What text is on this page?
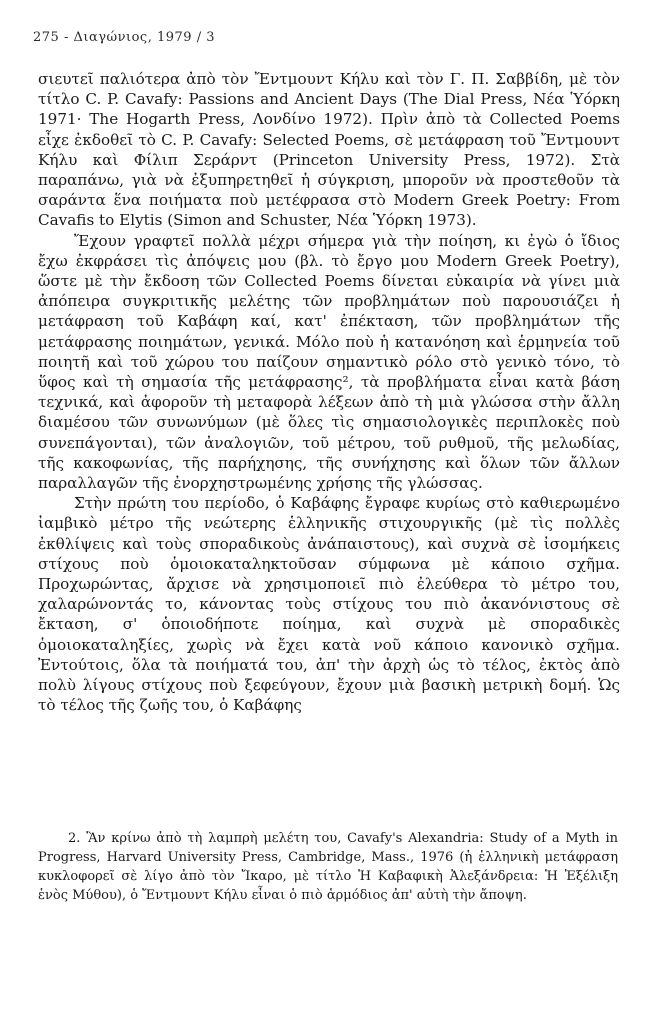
275 - Διαγώνιος, 1979 / 3

σιευτεῖ παλιότερα ἀπὸ τὸν Ἔντμουντ Κήλυ καὶ τὸν Γ. Π. Σαββίδη, μὲ τὸν τίτλο C. P. Cavafy: Passions and Ancient Days (The Dial Press, Νέα Ὑόρκη 1971· The Hogarth Press, Λονδίνο 1972). Πρὶν ἀπὸ τὰ Collected Poems εἶχε ἐκδοθεῖ τὸ C. P. Cavafy: Selected Poems, σὲ μετάφραση τοῦ Ἔντμουντ Κήλυ καὶ Φίλιπ Σεράρντ (Princeton University Press, 1972). Στὰ παραπάνω, γιὰ νὰ ἐξυπηρετηθεῖ ἡ σύγκριση, μποροῦν νὰ προστεθοῦν τὰ σαράντα ἕνα ποιήματα ποὺ μετέφρασα στὸ Modern Greek Poetry: From Cavafis to Elytis (Simon and Schuster, Νέα Ὑόρκη 1973).

Ἔχουν γραφτεῖ πολλὰ μέχρι σήμερα γιὰ τὴν ποίηση, κι ἐγὼ ὁ ἴδιος ἔχω ἐκφράσει τὶς ἀπόψεις μου (βλ. τὸ ἔργο μου Modern Greek Poetry), ὥστε μὲ τὴν ἔκδοση τῶν Collected Poems δίνεται εὐκαιρία νὰ γίνει μιὰ ἀπόπειρα συγκριτικῆς μελέτης τῶν προβλημάτων ποὺ παρουσιάζει ἡ μετάφραση τοῦ Καβάφη καί, κατ' ἐπέκταση, τῶν προβλημάτων τῆς μετάφρασης ποιημάτων, γενικά. Μόλο ποὺ ἡ κατανόηση καὶ ἑρμηνεία τοῦ ποιητῆ καὶ τοῦ χώρου του παίζουν σημαντικὸ ρόλο στὸ γενικὸ τόνο, τὸ ὕφος καὶ τὴ σημασία τῆς μετάφρασης², τὰ προβλήματα εἶναι κατὰ βάση τεχνικά, καὶ ἀφοροῦν τὴ μεταφορὰ λέξεων ἀπὸ τὴ μιὰ γλώσσα στὴν ἄλλη διαμέσου τῶν συνωνύμων (μὲ ὅλες τὶς σημασιολογικὲς περιπλοκὲς ποὺ συνεπάγονται), τῶν ἀναλογιῶν, τοῦ μέτρου, τοῦ ρυθμοῦ, τῆς μελωδίας, τῆς κακοφωνίας, τῆς παρήχησης, τῆς συνήχησης καὶ ὅλων τῶν ἄλλων παραλλαγῶν τῆς ἐνορχηστρωμένης χρήσης τῆς γλώσσας.

Στὴν πρώτη του περίοδο, ὁ Καβάφης ἔγραφε κυρίως στὸ καθιερωμένο ἰαμβικὸ μέτρο τῆς νεώτερης ἑλληνικῆς στιχουργικῆς (μὲ τὶς πολλὲς ἐκθλίψεις καὶ τοὺς σποραδικοὺς ἀνάπαιστους), καὶ συχνὰ σὲ ἰσομήκεις στίχους ποὺ ὁμοιοκαταληκτοῦσαν σύμφωνα μὲ κάποιο σχῆμα. Προχωρώντας, ἄρχισε νὰ χρησιμοποιεῖ πιὸ ἐλεύθερα τὸ μέτρο του, χαλαρώνοντάς το, κάνοντας τοὺς στίχους του πιὸ ἀκανόνιστους σὲ ἔκταση, σ' ὁποιοδήποτε ποίημα, καὶ συχνὰ μὲ σποραδικὲς ὁμοιοκαταληξίες, χωρὶς νὰ ἔχει κατὰ νοῦ κάποιο κανονικὸ σχῆμα. Ἐντούτοις, ὅλα τὰ ποιήματά του, ἀπ' τὴν ἀρχὴ ὡς τὸ τέλος, ἐκτὸς ἀπὸ πολὺ λίγους στίχους ποὺ ξεφεύγουν, ἔχουν μιὰ βασικὴ μετρικὴ δομή. Ὡς τὸ τέλος τῆς ζωῆς του, ὁ Καβάφης

2. Ἂν κρίνω ἀπὸ τὴ λαμπρὴ μελέτη του, Cavafy's Alexandria: Study of a Myth in Progress, Harvard University Press, Cambridge, Mass., 1976 (ἡ ἑλληνικὴ μετάφραση κυκλοφορεῖ σὲ λίγο ἀπὸ τὸν Ἴκαρο, μὲ τίτλο Ἡ Καβαφικὴ Ἀλεξάνδρεια: Ἡ Ἐξέλιξη ἑνὸς Μύθου), ὁ Ἔντμουντ Κήλυ εἶναι ὁ πιὸ ἁρμόδιος ἀπ' αὐτὴ τὴν ἄποψη.
